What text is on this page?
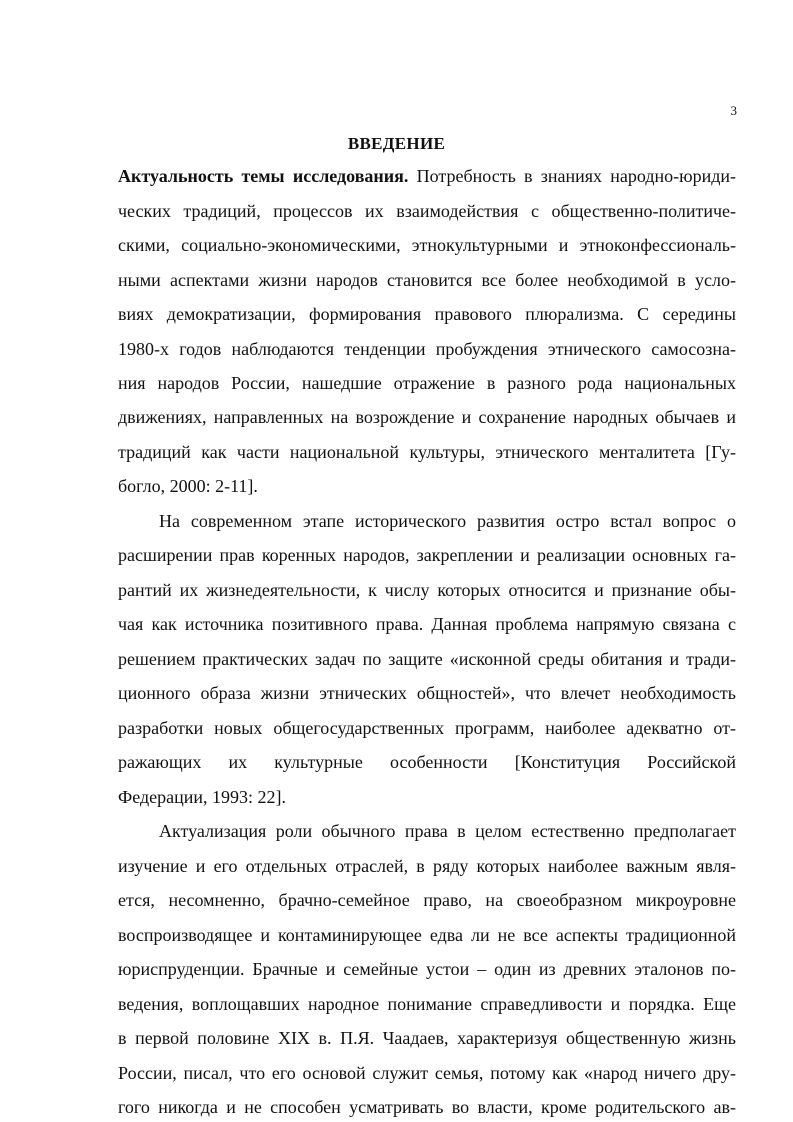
3
ВВЕДЕНИЕ
Актуальность темы исследования. Потребность в знаниях народно-юриди-
ческих традиций, процессов их взаимодействия с общественно-политиче-
скими, социально-экономическими, этнокультурными и этноконфессиональ-
ными аспектами жизни народов становится все более необходимой в усло-
виях демократизации, формирования правового плюрализма. С середины
1980-х годов наблюдаются тенденции пробуждения этнического самосозна-
ния народов России, нашедшие отражение в разного рода национальных
движениях, направленных на возрождение и сохранение народных обычаев и
традиций как части национальной культуры, этнического менталитета [Гу-
богло, 2000: 2-11].
На современном этапе исторического развития остро встал вопрос о
расширении прав коренных народов, закреплении и реализации основных га-
рантий их жизнедеятельности, к числу которых относится и признание обы-
чая как источника позитивного права. Данная проблема напрямую связана с
решением практических задач по защите «исконной среды обитания и тради-
ционного образа жизни этнических общностей», что влечет необходимость
разработки новых общегосударственных программ, наиболее адекватно от-
ражающих их культурные особенности [Конституция Российской
Федерации, 1993: 22].
Актуализация роли обычного права в целом естественно предполагает
изучение и его отдельных отраслей, в ряду которых наиболее важным явля-
ется, несомненно, брачно-семейное право, на своеобразном микроуровне
воспроизводящее и контаминирующее едва ли не все аспекты традиционной
юриспруденции. Брачные и семейные устои – один из древних эталонов по-
ведения, воплощавших народное понимание справедливости и порядка. Еще
в первой половине XIX в. П.Я. Чаадаев, характеризуя общественную жизнь
России, писал, что его основой служит семья, потому как «народ ничего дру-
гого никогда и не способен усматривать во власти, кроме родительского ав-
